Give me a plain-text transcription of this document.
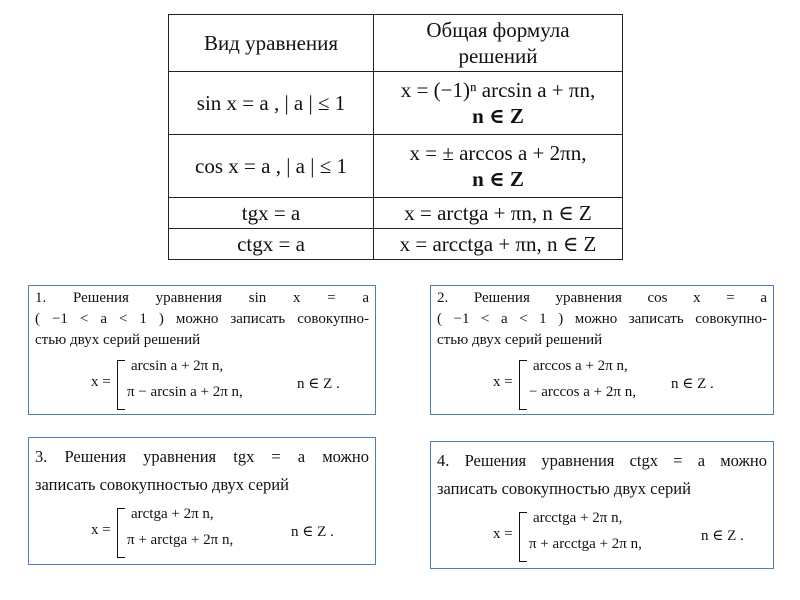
Вид уравнения	Общая формула
решений

sin x = a , | a | ≤ 1	x = (−1)ⁿ arcsin a + πn,
n ∈ Z

cos x = a , | a | ≤ 1	x = ± arccos a + 2πn,
n ∈ Z

tgx = a	x = arctga + πn, n ∈ Z
ctgx = a	x = arcctga + πn, n ∈ Z
1. Решения уравнения sin x = a
( −1 < a < 1 ) можно записать совокупно-
стью двух серий решений
x =
arcsin a + 2π n,
π − arcsin a + 2π n,	n ∈ Z .
2. Решения уравнения cos x = a
( −1 < a < 1 ) можно записать совокупно-
стью двух серий решений
x =
arccos a + 2π n,
− arccos a + 2π n, n ∈ Z .
3. Решения уравнения tgx = a можно
записать совокупностью двух серий
x =
arctga + 2π n,
π + arctga + 2π n,	n ∈ Z .
4. Решения уравнения ctgx = a можно
записать совокупностью двух серий
x =
arcctga + 2π n,
π + arcctga + 2π n,	n ∈ Z .
